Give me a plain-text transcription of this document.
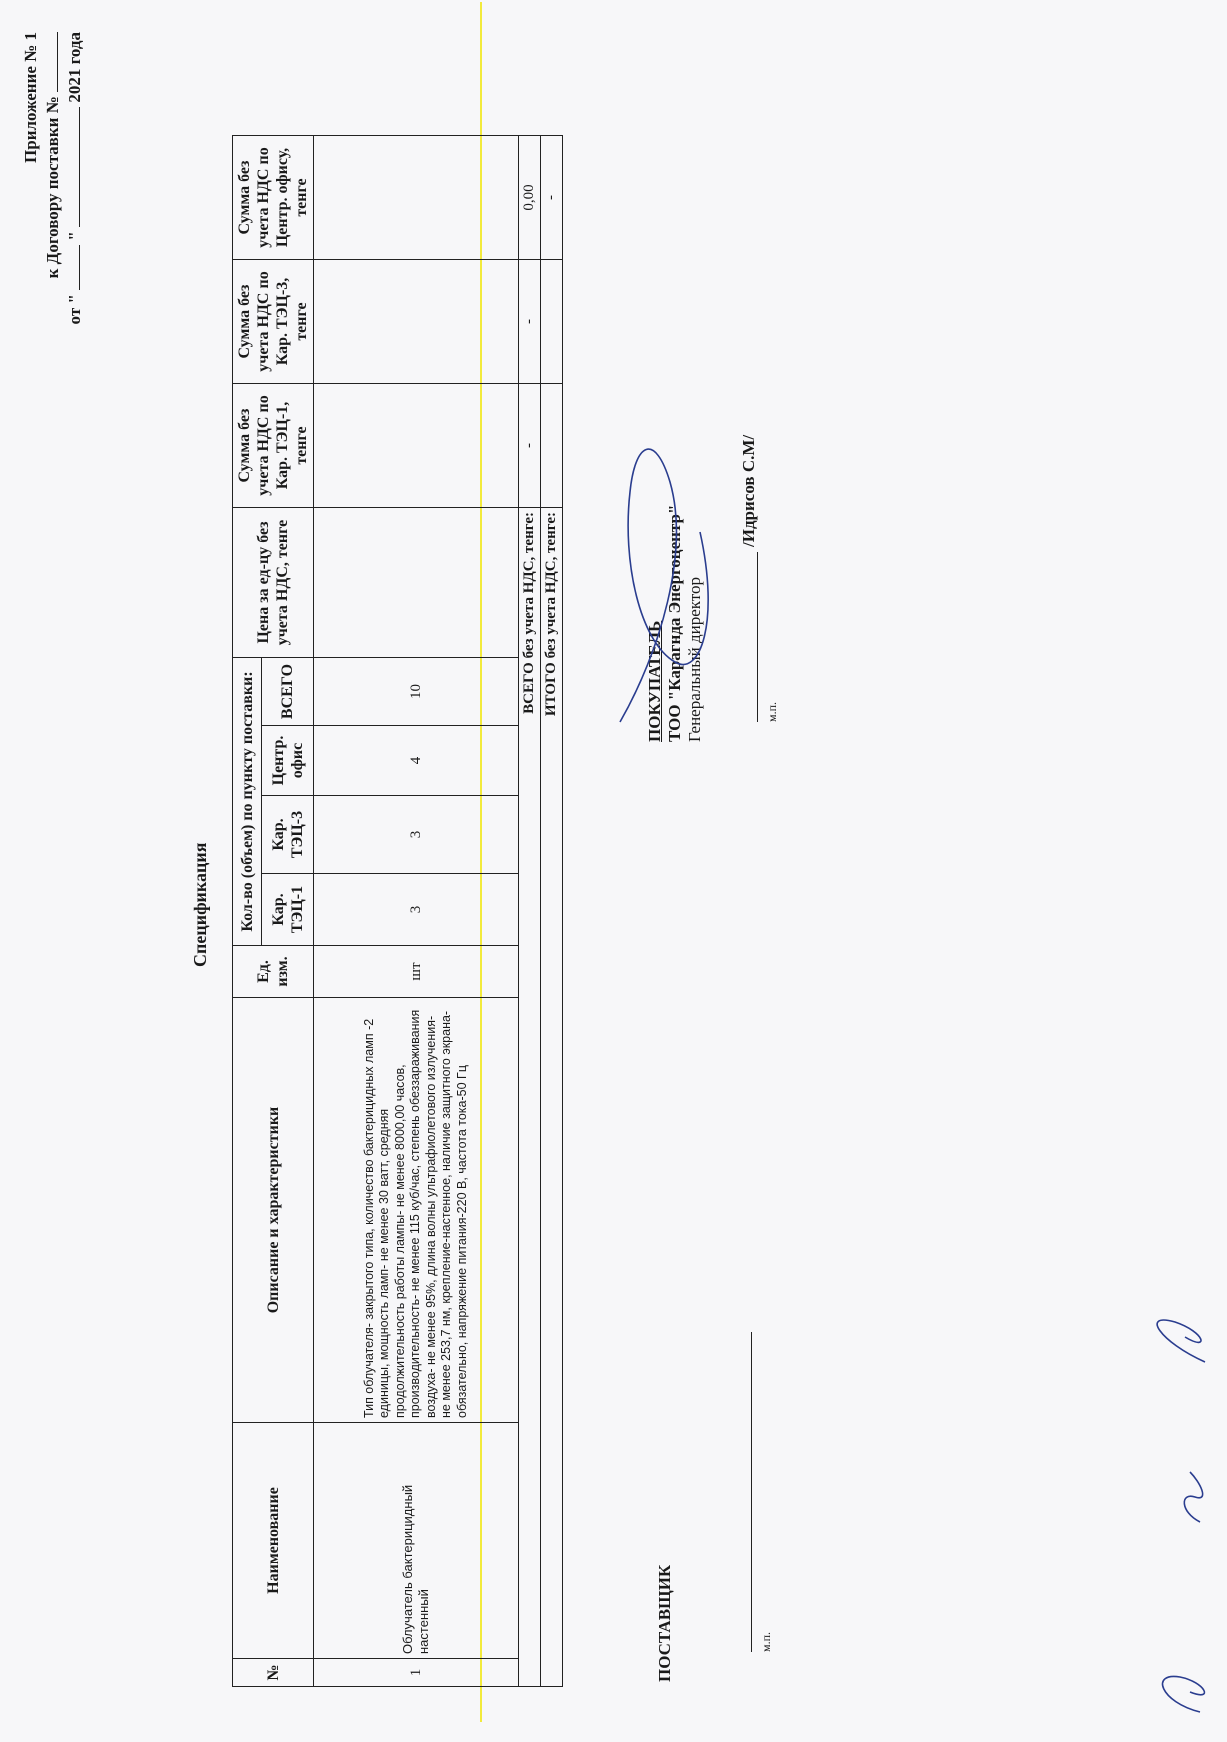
Приложение № 1 к Договору поставки №
от "  "  2021 года
Спецификация
№	Наименование	Описание и характеристики	Ед. изм.	Кол-во (объем) по пункту поставки:				Цена за ед-цу без учета НДС, тенге	Сумма без учета НДС по Кар. ТЭЦ-1, тенге	Сумма без учета НДС по Кар. ТЭЦ-3, тенге	Сумма без учета НДС по Центр. офису, тенге
				Кар. ТЭЦ-1	Кар. ТЭЦ-3	Центр. офис	ВСЕГО				
1	Облучатель бактерицидный настенный	Тип облучателя- закрытого типа, количество бактерицидных ламп -2 единицы, мощность ламп- не менее 30 ватт, средняя продолжительность работы лампы- не менее 8000,00 часов, производительность- не менее 115 куб/час, степень обеззараживания воздуха- не менее 95%, длина волны ультрафиолетового излучения- не менее 253,7 нм, крепление-настенное, наличие защитного экрана-обязательно, напряжение питания-220 В, частота тока-50 Гц	шт	3	3	4	10				
ВСЕГО без учета НДС, тенге:									-	-	0,00
ИТОГО без учета НДС, тенге:											-
ПОСТАВЩИК	м.п.
ПОКУПАТЕЛЬ ТОО "Карагнда Энергоцентр" Генеральный директор
/Идрисов С.М/
м.п.
